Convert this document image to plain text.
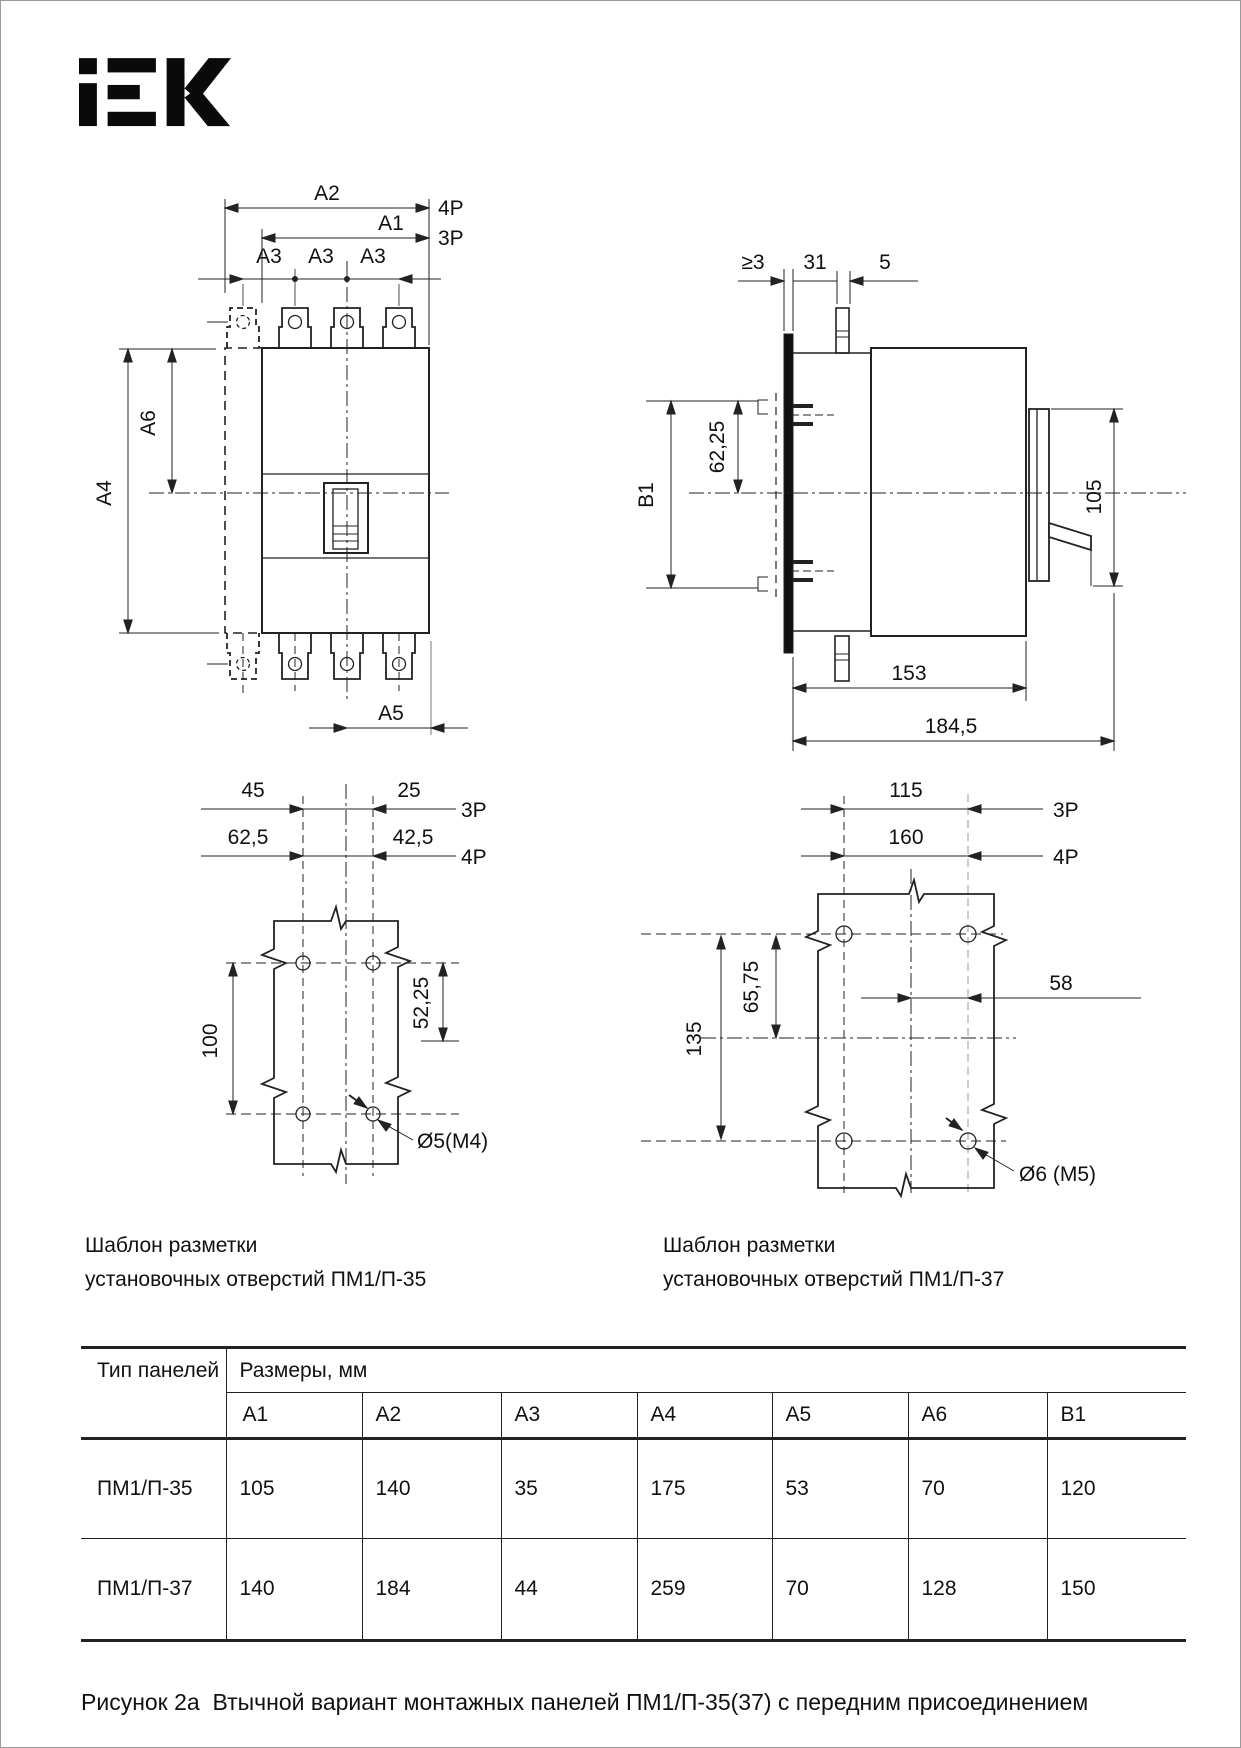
A2
4P
A1
3P
A3 A3 A3
A4
A6
A5
≥3 31 5
B1
62,25
105
153
184,5
45	25
3P
62,5	42,5
4P
100
52,25
Ø5(M4)
115
3P
160
4P
135
65,75	58
Ø6 (M5)
Шаблон разметки
установочных отверстий ПМ1/П-35
Шаблон разметки
установочных отверстий ПМ1/П-37
Тип панелей	Размеры, мм						
	A1	A2	A3	A4	A5	A6	B1
ПМ1/П-35	105	140	35	175	53	70	120
ПМ1/П-37	140	184	44	259	70	128	150
Рисунок 2а  Втычной вариант монтажных панелей ПМ1/П-35(37) с передним присоединением
